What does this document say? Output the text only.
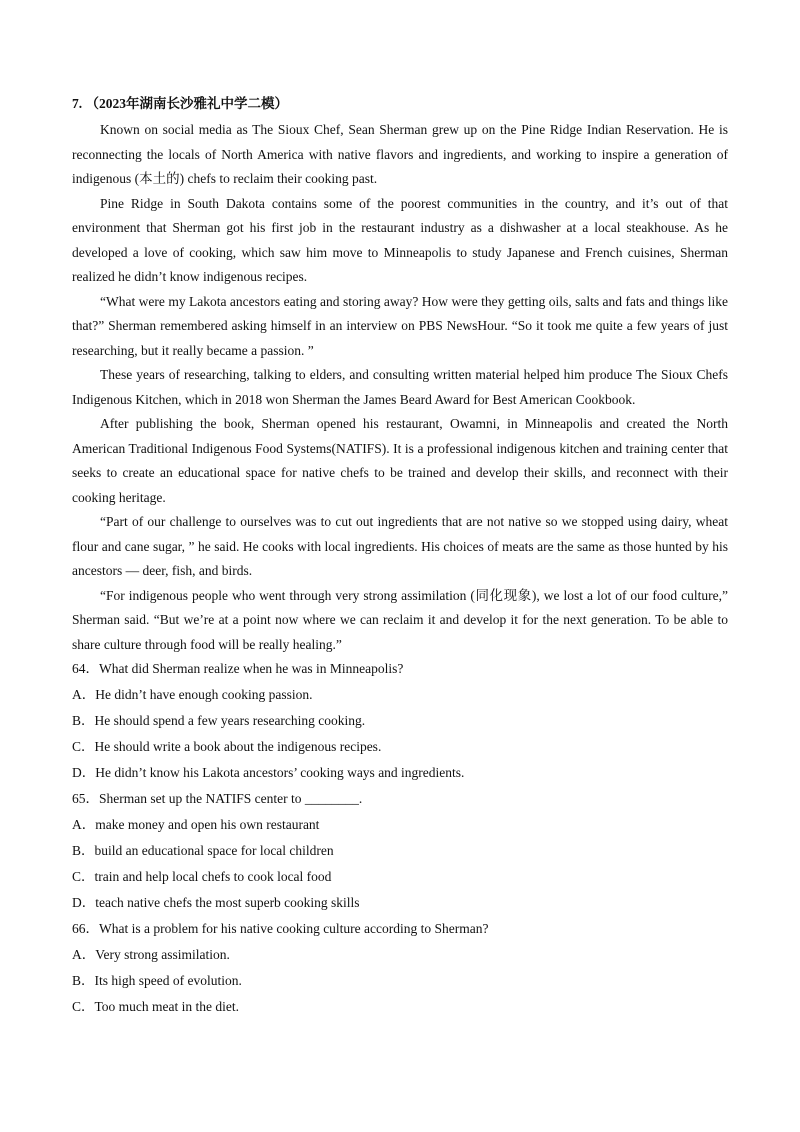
7. （2023年湖南长沙雅礼中学二模）

Known on social media as The Sioux Chef, Sean Sherman grew up on the Pine Ridge Indian Reservation. He is reconnecting the locals of North America with native flavors and ingredients, and working to inspire a generation of indigenous (本土的) chefs to reclaim their cooking past.

Pine Ridge in South Dakota contains some of the poorest communities in the country, and it’s out of that environment that Sherman got his first job in the restaurant industry as a dishwasher at a local steakhouse. As he developed a love of cooking, which saw him move to Minneapolis to study Japanese and French cuisines, Sherman realized he didn’t know indigenous recipes.

“What were my Lakota ancestors eating and storing away? How were they getting oils, salts and fats and things like that?” Sherman remembered asking himself in an interview on PBS NewsHour. “So it took me quite a few years of just researching, but it really became a passion. ”

These years of researching, talking to elders, and consulting written material helped him produce The Sioux Chefs Indigenous Kitchen, which in 2018 won Sherman the James Beard Award for Best American Cookbook.

After publishing the book, Sherman opened his restaurant, Owamni, in Minneapolis and created the North American Traditional Indigenous Food Systems(NATIFS). It is a professional indigenous kitchen and training center that seeks to create an educational space for native chefs to be trained and develop their skills, and reconnect with their cooking heritage.

“Part of our challenge to ourselves was to cut out ingredients that are not native so we stopped using dairy, wheat flour and cane sugar, ” he said. He cooks with local ingredients. His choices of meats are the same as those hunted by his ancestors — deer, fish, and birds.

“For indigenous people who went through very strong assimilation (同化现象), we lost a lot of our food culture,” Sherman said. “But we’re at a point now where we can reclaim it and develop it for the next generation. To be able to share culture through food will be really healing.”

64．What did Sherman realize when he was in Minneapolis?

A．He didn’t have enough cooking passion.

B．He should spend a few years researching cooking.

C．He should write a book about the indigenous recipes.

D．He didn’t know his Lakota ancestors’ cooking ways and ingredients.

65．Sherman set up the NATIFS center to ________.

A．make money and open his own restaurant

B．build an educational space for local children

C．train and help local chefs to cook local food

D．teach native chefs the most superb cooking skills

66．What is a problem for his native cooking culture according to Sherman?

A．Very strong assimilation.

B．Its high speed of evolution.

C．Too much meat in the diet.
